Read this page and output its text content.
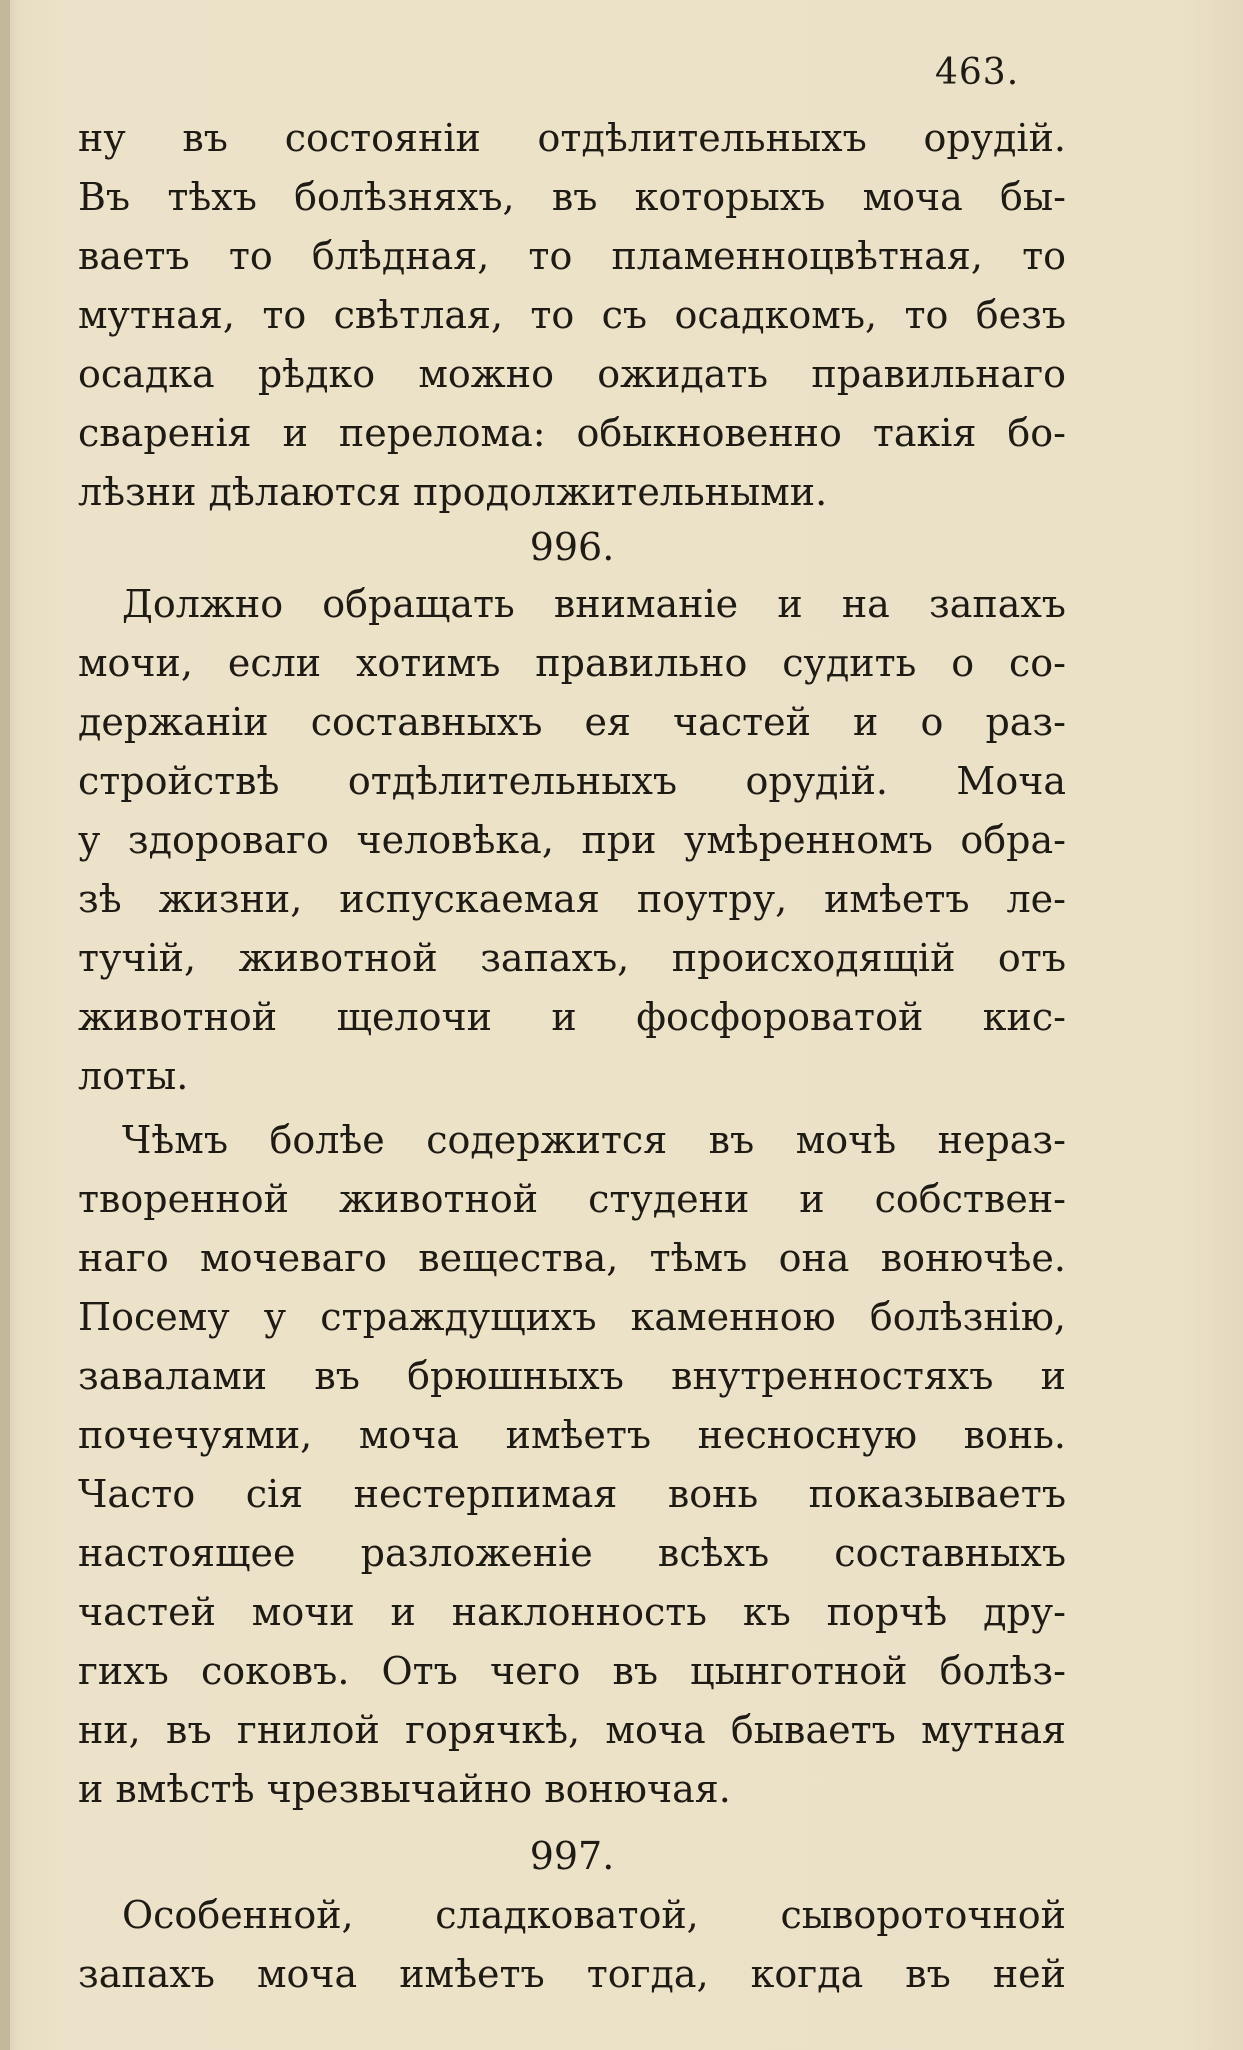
463.
ну въ состояніи отдѣлительныхъ орудій.
Въ тѣхъ болѣзняхъ, въ которыхъ моча бы-
ваетъ то блѣдная, то пламенноцвѣтная, то
мутная, то свѣтлая, то съ осадкомъ, то безъ
осадка рѣдко можно ожидать правильнаго
сваренія и перелома: обыкновенно такія бо-
лѣзни дѣлаются продолжительными.
996.
Должно обращать вниманіе и на запахъ
мочи, если хотимъ правильно судить о со-
держаніи составныхъ ея частей и о раз-
стройствѣ отдѣлительныхъ орудій. Моча
у здороваго человѣка, при умѣренномъ обра-
зѣ жизни, испускаемая поутру, имѣетъ ле-
тучій, животной запахъ, происходящій отъ
животной щелочи и фосфороватой кис-
лоты.
Чѣмъ болѣе содержится въ мочѣ нераз-
творенной животной студени и собствен-
наго мочеваго вещества, тѣмъ она вонючѣе.
Посему у страждущихъ каменною болѣзнію,
завалами въ брюшныхъ внутренностяхъ и
почечуями, моча имѣетъ несносную вонь.
Часто сія нестерпимая вонь показываетъ
настоящее разложеніе всѣхъ составныхъ
частей мочи и наклонность къ порчѣ дру-
гихъ соковъ. Отъ чего въ цынготной болѣз-
ни, въ гнилой горячкѣ, моча бываетъ мутная
и вмѣстѣ чрезвычайно вонючая.
997.
Особенной, сладковатой, сывороточной
запахъ моча имѣетъ тогда, когда въ ней
